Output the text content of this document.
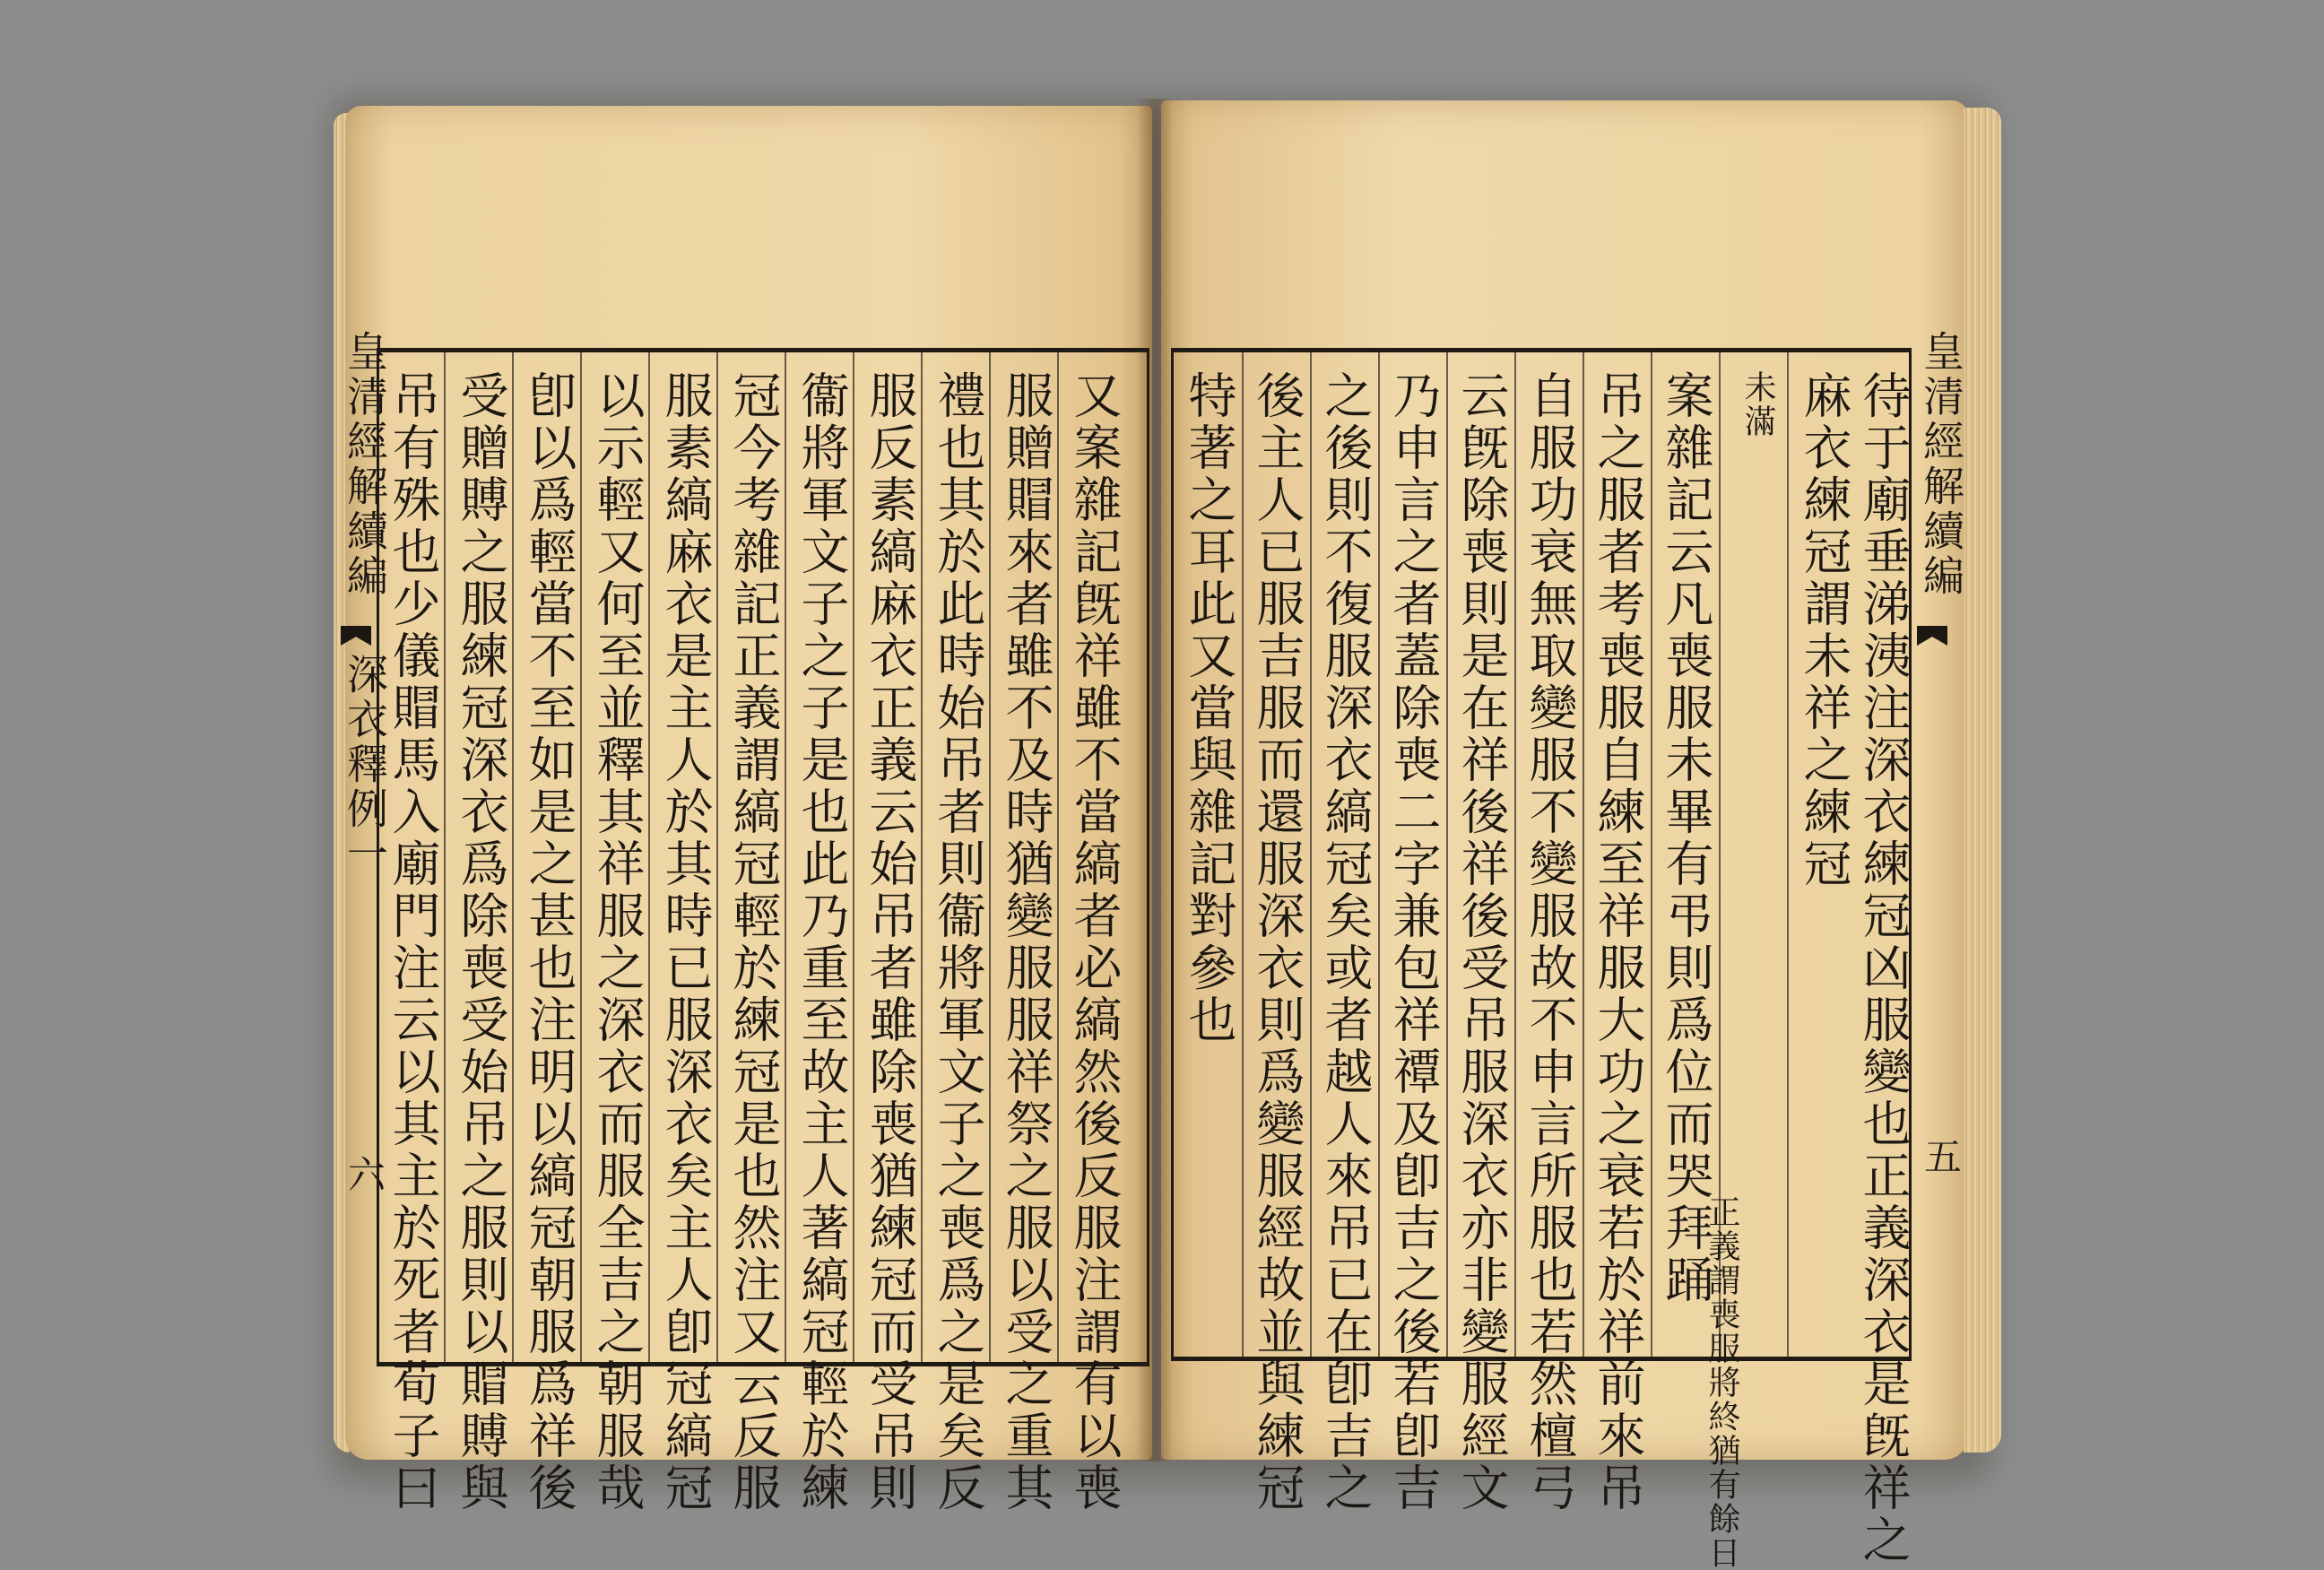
皇清經解續編
深衣釋例一
六
吊有殊也少儀賵馬入廟門注云以其主於死者荀子曰 受贈賻之服練冠深衣爲除喪受始吊之服則以賵賻與 卽以爲輕當不至如是之甚也注明以縞冠朝服爲祥後 以示輕又何至並釋其祥服之深衣而服全吉之朝服哉 服素縞麻衣是主人於其時已服深衣矣主人卽冠縞冠 冠今考雜記正義謂縞冠輕於練冠是也然注又云反服 衞將軍文子之子是也此乃重至故主人著縞冠輕於練 服反素縞麻衣正義云始吊者雖除喪猶練冠而受吊則 禮也其於此時始吊者則衞將軍文子之喪爲之是矣反 服贈賵來者雖不及時猶變服服祥祭之服以受之重其 又案雜記旣祥雖不當縞者必縞然後反服注謂有以喪 特著之耳此又當與雜記對參也 後主人已服吉服而還服深衣則爲變服經故並與練冠 之後則不復服深衣縞冠矣或者越人來吊已在卽吉之 乃申言之者蓋除喪二字兼包祥禫及卽吉之後若卽吉 云旣除喪則是在祥後祥後受吊服深衣亦非變服經文 自服功衰無取變服不變服故不申言所服也若然檀弓 吊之服者考喪服自練至祥服大功之衰若於祥前來吊 案雜記云凡喪服未畢有弔則爲位而哭拜踊
正義謂喪服將終猶有餘日
未滿 麻衣練冠謂未祥之練冠 待于廟垂涕洟注深衣練冠凶服變也正義深衣是旣祥之 皇清經解續編
五
